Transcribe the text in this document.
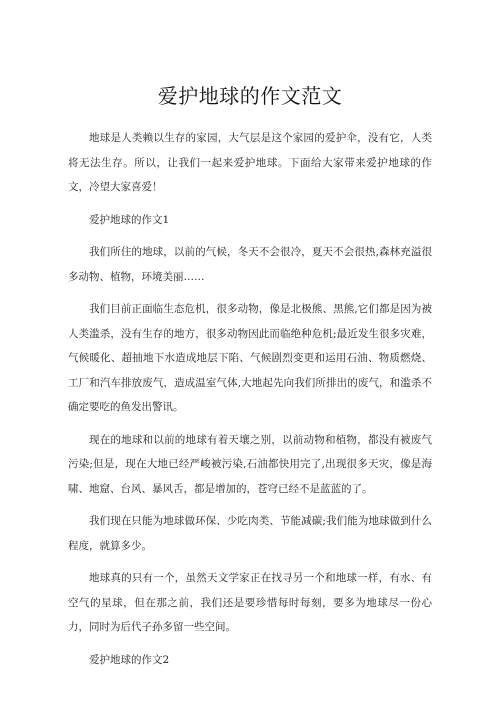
爱护地球的作文范文

地球是人类赖以生存的家园，大气层是这个家园的爱护伞，没有它，人类将无法生存。所以，让我们一起来爱护地球。下面给大家带来爱护地球的作文，冷望大家喜爱！

爱护地球的作文1

我们所住的地球，以前的气候，冬天不会很冷，夏天不会很热,森林充溢很多动物、植物，环境美丽……

我们目前正面临生态危机，很多动物，像是北极熊、黑熊,它们都是因为被人类滥杀，没有生存的地方，很多动物因此而临绝种危机;最近发生很多灾难，气候暖化、超抽地下水造成地层下陷、气候剧烈变更和运用石油、物质燃烧、工厂和汽车排放废气，造成温室气体,大地起先向我们所排出的废气，和滥杀不确定要吃的鱼发出警讯。

现在的地球和以前的地球有着天壤之别，以前动物和植物，都没有被废气污染;但是，现在大地已经严峻被污染,石油都快用完了,出现很多天灾，像是海啸、地窟、台风、暴风舌，都是增加的，苍穹已经不是蓝蓝的了。

我们现在只能为地球做环保、少吃肉类、节能减碳;我们能为地球做到什么程度，就算多少。

地球真的只有一个，虽然天文学家正在找寻另一个和地球一样，有水、有空气的星球，但在那之前，我们还是要珍惜每时每刻，要多为地球尽一份心力，同时为后代子孙多留一些空间。

爱护地球的作文2
